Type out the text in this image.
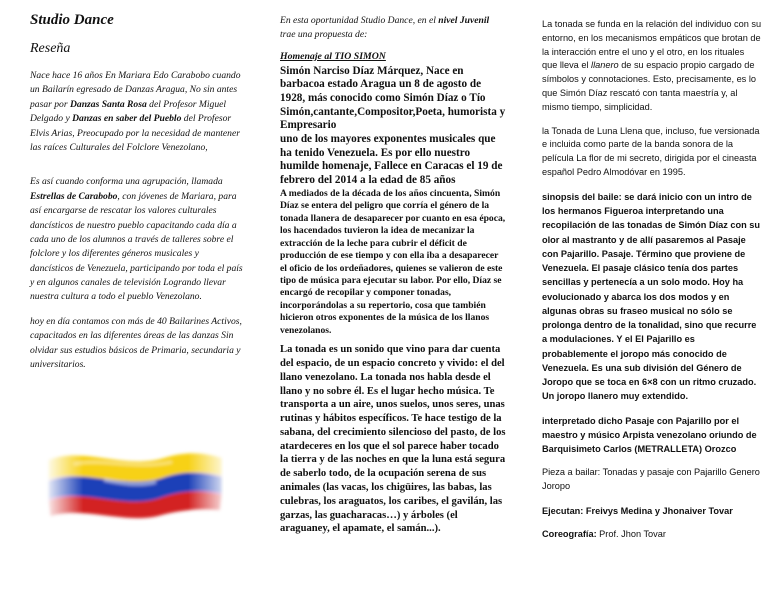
Studio Dance

Reseña

Nace hace 16 años En Mariara Edo Carabobo cuando un Bailarín egresado de Danzas Aragua, No sin antes pasar por Danzas Santa Rosa del Profesor Miguel Delgado y Danzas en saber del Pueblo del Profesor Elvis Arias, Preocupado por la necesidad de mantener las raíces Culturales del Folclore Venezolano,

Es así cuando conforma una agrupación, llamada Estrellas de Carabobo, con jóvenes de Mariara, para así encargarse de rescatar los valores culturales dancísticos de nuestro pueblo capacitando cada día a cada uno de los alumnos a través de talleres sobre el folclore y los diferentes géneros musicales y dancísticos de Venezuela, participando por toda el país y en algunos canales de televisión Logrando llevar nuestra cultura a todo el pueblo Venezolano.

hoy en día contamos con más de 40 Bailarines Activos, capacitados en las diferentes áreas de las danzas Sin olvidar sus estudios básicos de Primaria, secundaria y universitarios.

En esta oportunidad Studio Dance, en el nivel Juvenil trae una propuesta de:

Homenaje al TIO SIMON

Simón Narciso Díaz Márquez, Nace en barbacoa estado Aragua un 8 de agosto de 1928, más conocido como Simón Díaz o Tío Simón,cantante,Compositor,Poeta, humorista y Empresario

uno de los mayores exponentes musicales que ha tenido Venezuela. Es por ello nuestro humilde homenaje, Fallece en Caracas el 19 de febrero del 2014 a la edad de 85 años

A mediados de la década de los años cincuenta, Simón Díaz se entera del peligro que corría el género de la tonada llanera de desaparecer por cuanto en esa época, los hacendados tuvieron la idea de mecanizar la extracción de la leche para cubrir el déficit de producción de ese tiempo y con ella iba a desaparecer el oficio de los ordeñadores, quienes se valieron de este tipo de música para ejecutar su labor. Por ello, Díaz se encargó de recopilar y componer tonadas, incorporándolas a su repertorio, cosa que también hicieron otros exponentes de la música de los llanos venezolanos.

La tonada es un sonido que vino para dar cuenta del espacio, de un espacio concreto y vivido: el del llano venezolano. La tonada nos habla desde el llano y no sobre él. Es el lugar hecho música. Te transporta a un aire, unos suelos, unos seres, unas rutinas y hábitos específicos. Te hace testigo de la sabana, del crecimiento silencioso del pasto, de los atardeceres en los que el sol parece haber tocado la tierra y de las noches en que la luna está segura de saberlo todo, de la ocupación serena de sus animales (las vacas, los chigüires, las babas, las culebras, los araguatos, los caribes, el gavilán, las garzas, las guacharacas…) y árboles (el araguaney, el apamate, el samán...).

La tonada se funda en la relación del individuo con su entorno, en los mecanismos empáticos que brotan de la interacción entre el uno y el otro, en los rituales que lleva el llanero de su espacio propio cargado de símbolos y connotaciones. Esto, precisamente, es lo que Simón Díaz rescató con tanta maestría y, al mismo tiempo, simplicidad.

la Tonada de Luna Llena que, incluso, fue versionada e incluida como parte de la banda sonora de la película La flor de mi secreto, dirigida por el cineasta español Pedro Almodóvar en 1995.

sinopsis del baile: se dará inicio con un intro de los hermanos Figueroa interpretando una recopilación de las tonadas de Simón Díaz con su olor al mastranto y de allí pasaremos al Pasaje con Pajarillo. Pasaje. Término que proviene de Venezuela. El pasaje clásico tenía dos partes sencillas y pertenecía a un solo modo. Hoy ha evolucionado y abarca los dos modos y en algunas obras su fraseo musical no sólo se prolonga dentro de la tonalidad, sino que recurre a modulaciones. Y el El Pajarillo es probablemente el joropo más conocido de Venezuela. Es una sub división del Género de Joropo que se toca en 6×8 con un ritmo cruzado. Un joropo llanero muy extendido.

interpretado dicho Pasaje con Pajarillo por el maestro y músico Arpista venezolano oriundo de Barquisimeto Carlos (METRALLETA) Orozco

Pieza a bailar: Tonadas y pasaje con Pajarillo Genero Joropo

Ejecutan: Freivys Medina y Jhonaiver Tovar

Coreografía: Prof. Jhon Tovar
